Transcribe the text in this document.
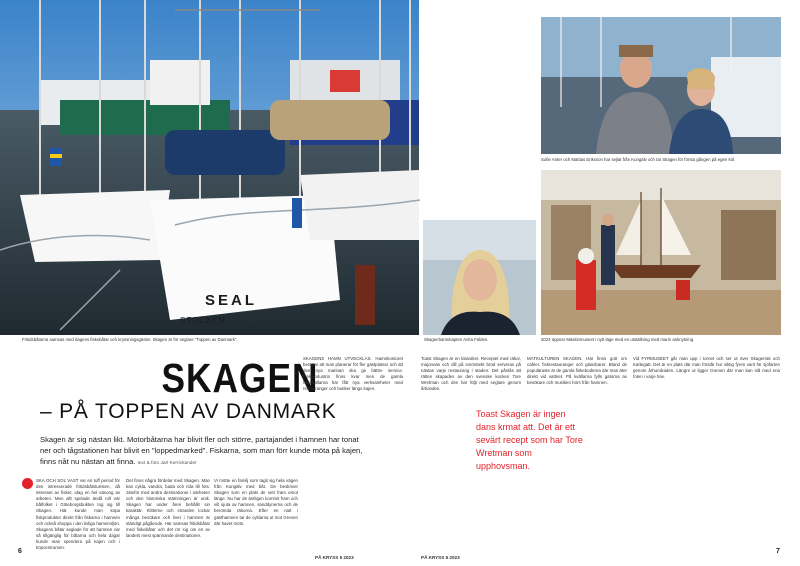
SEAL
STOCKEN
Fritidsbåtarna samsas med dagens fiskebåtar och kryssningsgäster. Skagen är för seglare "Toppen av Danmark".	Skagenhamnkapten Anita Falden.
Sofie Anter och Mattias Eriksson har sejlat från Kungälv och tar Skagen för första gången på egen köl.
2023 öppnar Maskinmuseet i nytt läge med en utställning med marin anknytning.
SKAGEN
– PÅ TOPPEN AV DANMARK
Skagen är sig nästan likt. Motorbåtarna har blivit fler och större, partajandet i hamnen har tonat ner och tågstationen har blivit en "loppedmarked". Fiskarna, som man förr kunde möta på kajen, finns nåt nu nästan att finna. text & foto Jarl Kerrickander
SKA OCH SOL VAST var en tuff period för den intresserade fritidsbåtsturisten, då intresset av fisket, idag en hel säsong av arbeten. Men allt spelade ändå roll när båtfolket i Göteborgsbukten tog sig till Skagen. Här kunde man köpa fiskprodukter direkt från fiskarna i hamnen och också shoppa i den livliga hamnmiljön. Skagens båtar seglade för att hamnen var så tillgänglig för båtarna och hela dagar kunde man spendera på kajen och i köpcentrumen.
Det finns några fördelar med Skagen. Man kan cykla, vandra, bada och rida till fots. Jämför med andra destinationer i närheten och den historiska stämningen är unik. Skagen har under åren behållit sin karaktär. Klitterne och stranden lockar många besökare och livet i hamnen är ständigt pågående. Här samsas fritidsbåtar med fiskebåtar och det rör sig om en av landets mest spännande destinationer.
Vi mötte en familj som tagit sig hela vägen från Kungälv med båt. De beskriver Skagen som en plats de sett fram emot länge. Nu har de äntligen kommit fram och vill njuta av hamnen, sanddynerna och de berömda räkorna. Efter en natt i gästhamnen tar de cyklarna ut mot Grenen där havet möts.
SKAGENS HAMN UTVECKLAS. Hamnkontoret berättar att man planerar för fler gästplatser och att den nya marinan ska ge bättre service. Fiskeindustrin finns kvar men de gamla fiskehallarna har fått nya verksamheter med restauranger och butiker längs kajen.
Toast Skagen är en klassiker. Receptet med räkor, majonnäs och dill på smörstekt bröd serveras på nästan varje restaurang i staden. Det påstås att rätten skapades av den svenske kocken Tore Wretman och den har följt med seglare genom årtionden.
MATKULTUREN SKAGEN. Här finns gott om caféer, fiskrestauranger och glassbarer. Bland de populäraste är de gamla fiskeboderna där man äter direkt vid vattnet. På kvällarna fylls gatorna av besökare och musiken hörs från hamnen.
Vid FYRMUSEET går man upp i tornet och ser ut över Skagerrak och Kattegatt. Det är en plats där man förstår hur viktig fyren varit för sjöfarten genom århundraden. Längre ut ligger Grenen där man kan stå med ena foten i varje hav.
Toast Skagen är ingen dans krmat att. Det är ett sevärt recept som har Tore Wretman som upphovsman.
6
PÅ KRYSS 5 2023	PÅ KRYSS 5 2023
7
